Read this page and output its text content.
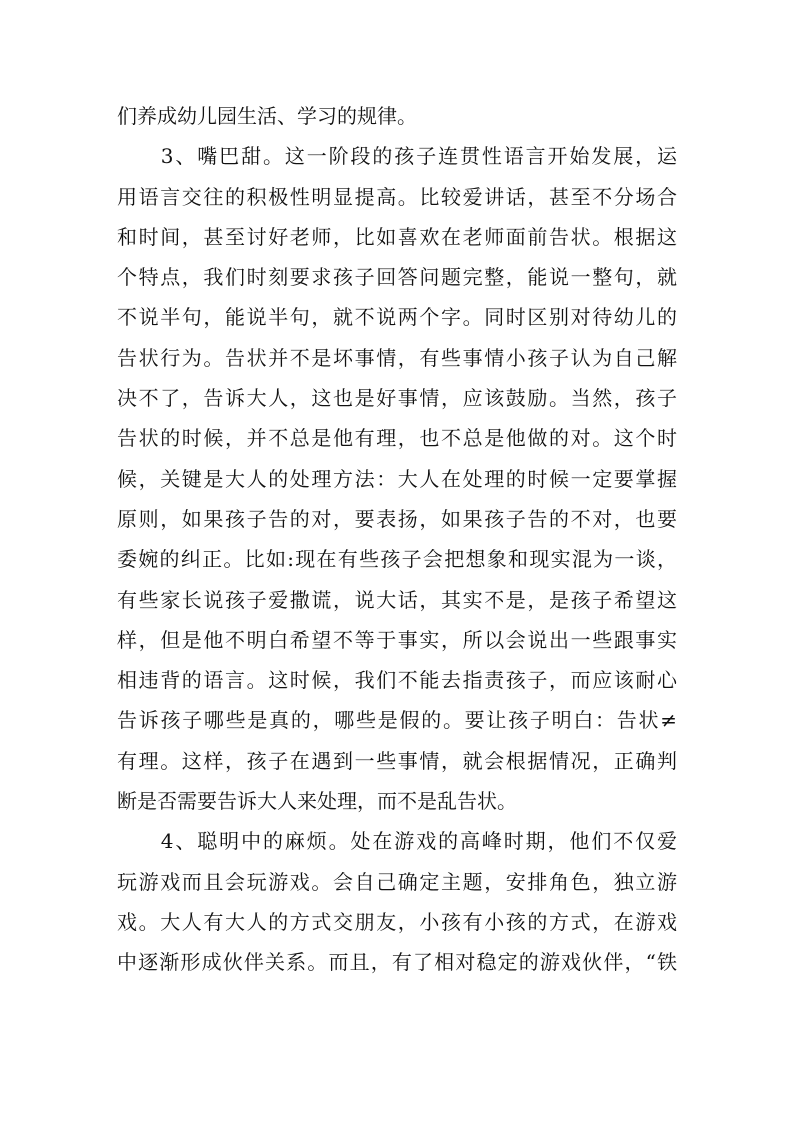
们养成幼儿园生活、学习的规律。
　　3、嘴巴甜。这一阶段的孩子连贯性语言开始发展，运
用语言交往的积极性明显提高。比较爱讲话，甚至不分场合
和时间，甚至讨好老师，比如喜欢在老师面前告状。根据这
个特点，我们时刻要求孩子回答问题完整，能说一整句，就
不说半句，能说半句，就不说两个字。同时区别对待幼儿的
告状行为。告状并不是坏事情，有些事情小孩子认为自己解
决不了，告诉大人，这也是好事情，应该鼓励。当然，孩子
告状的时候，并不总是他有理，也不总是他做的对。这个时
候，关键是大人的处理方法：大人在处理的时候一定要掌握
原则，如果孩子告的对，要表扬，如果孩子告的不对，也要
委婉的纠正。比如:现在有些孩子会把想象和现实混为一谈，
有些家长说孩子爱撒谎，说大话，其实不是，是孩子希望这
样，但是他不明白希望不等于事实，所以会说出一些跟事实
相违背的语言。这时候，我们不能去指责孩子，而应该耐心
告诉孩子哪些是真的，哪些是假的。要让孩子明白：告状≠
有理。这样，孩子在遇到一些事情，就会根据情况，正确判
断是否需要告诉大人来处理，而不是乱告状。
　　4、聪明中的麻烦。处在游戏的高峰时期，他们不仅爱
玩游戏而且会玩游戏。会自己确定主题，安排角色，独立游
戏。大人有大人的方式交朋友，小孩有小孩的方式，在游戏
中逐渐形成伙伴关系。而且，有了相对稳定的游戏伙伴，“铁
